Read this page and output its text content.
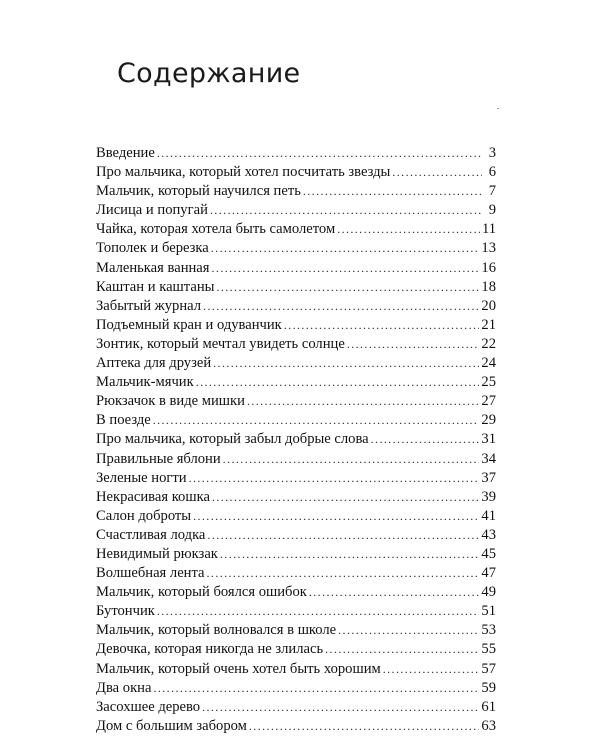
Содержание
Введение .....	3
Про мальчика, который хотел посчитать звезды .....	6
Мальчик, который научился петь .....	7
Лисица и попугай .....	9
Чайка, которая хотела быть самолетом .....	11
Тополек и березка .....	13
Маленькая ванная .....	16
Каштан и каштаны .....	18
Забытый журнал .....	20
Подъемный кран и одуванчик .....	21
Зонтик, который мечтал увидеть солнце .....	22
Аптека для друзей .....	24
Мальчик-мячик .....	25
Рюкзачок в виде мишки .....	27
В поезде .....	29
Про мальчика, который забыл добрые слова .....	31
Правильные яблони .....	34
Зеленые ногти .....	37
Некрасивая кошка .....	39
Салон доброты .....	41
Счастливая лодка .....	43
Невидимый рюкзак .....	45
Волшебная лента .....	47
Мальчик, который боялся ошибок .....	49
Бутончик .....	51
Мальчик, который волновался в школе .....	53
Девочка, которая никогда не злилась .....	55
Мальчик, который очень хотел быть хорошим .....	57
Два окна .....	59
Засохшее дерево .....	61
Дом с большим забором .....	63
